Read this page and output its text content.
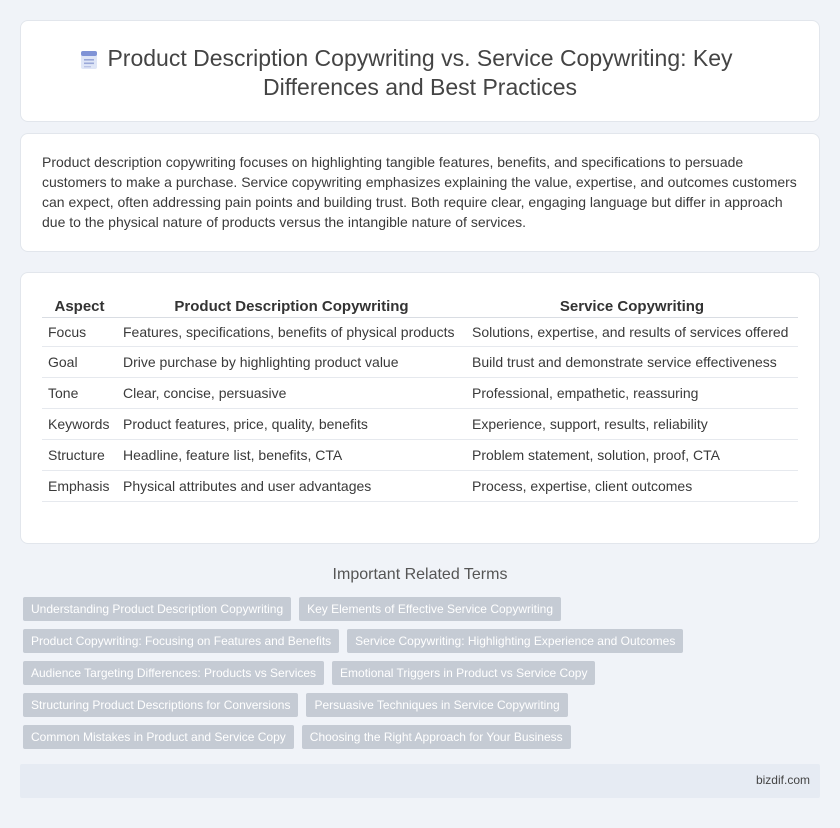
Product Description Copywriting vs. Service Copywriting: Key Differences and Best Practices

Product description copywriting focuses on highlighting tangible features, benefits, and specifications to persuade customers to make a purchase. Service copywriting emphasizes explaining the value, expertise, and outcomes customers can expect, often addressing pain points and building trust. Both require clear, engaging language but differ in approach due to the physical nature of products versus the intangible nature of services.

Aspect	Product Description Copywriting	Service Copywriting
Focus	Features, specifications, benefits of physical products	Solutions, expertise, and results of services offered
Goal	Drive purchase by highlighting product value	Build trust and demonstrate service effectiveness
Tone	Clear, concise, persuasive	Professional, empathetic, reassuring
Keywords	Product features, price, quality, benefits	Experience, support, results, reliability
Structure	Headline, feature list, benefits, CTA	Problem statement, solution, proof, CTA
Emphasis	Physical attributes and user advantages	Process, expertise, client outcomes
Important Related Terms
Understanding Product Description Copywriting	Key Elements of Effective Service Copywriting
Product Copywriting: Focusing on Features and Benefits	Service Copywriting: Highlighting Experience and Outcomes
Audience Targeting Differences: Products vs Services	Emotional Triggers in Product vs Service Copy
Structuring Product Descriptions for Conversions	Persuasive Techniques in Service Copywriting
Common Mistakes in Product and Service Copy	Choosing the Right Approach for Your Business
bizdif.com
